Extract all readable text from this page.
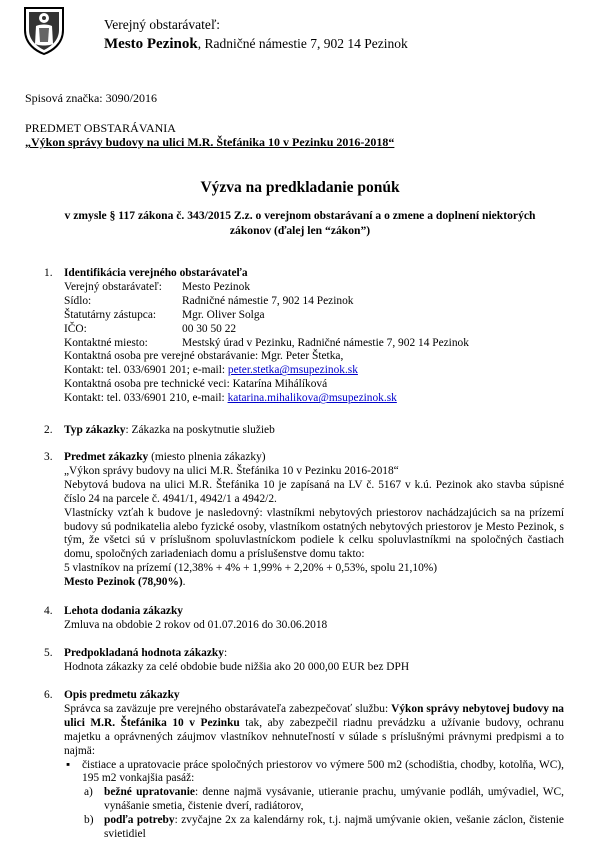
Verejný obstarávateľ:
Mesto Pezinok, Radničné námestie 7, 902 14 Pezinok
Spisová značka: 3090/2016
PREDMET OBSTARÁVANIA
„Výkon správy budovy na ulici M.R. Štefánika 10 v Pezinku 2016-2018“
Výzva na predkladanie ponúk
v zmysle § 117 zákona č. 343/2015 Z.z. o verejnom obstarávaní a o zmene a doplnení niektorých zákonov (ďalej len “zákon”)
1.	Identifikácia verejného obstarávateľa
Verejný obstarávateľ:	Mesto Pezinok
Sídlo:	Radničné námestie 7, 902 14 Pezinok
Štatutárny zástupca:	Mgr. Oliver Solga
IČO:	00 30 50 22
Kontaktné miesto:	Mestský úrad v Pezinku, Radničné námestie 7, 902 14 Pezinok
Kontaktná osoba pre verejné obstarávanie: Mgr. Peter Štetka,
Kontakt: tel. 033/6901 201; e-mail: peter.stetka@msupezinok.sk
Kontaktná osoba pre technické veci: Katarína Mihálíková
Kontakt: tel. 033/6901 210, e-mail: katarina.mihalikova@msupezinok.sk
2.	Typ zákazky: Zákazka na poskytnutie služieb
3.	Predmet zákazky (miesto plnenia zákazky)
„Výkon správy budovy na ulici M.R. Štefánika 10 v Pezinku 2016-2018“
Nebytová budova na ulici M.R. Štefánika 10 je zapísaná na LV č. 5167 v k.ú. Pezinok ako stavba súpisné číslo 24 na parcele č. 4941/1, 4942/1 a 4942/2.
Vlastnícky vzťah k budove je nasledovný: vlastníkmi nebytových priestorov nachádzajúcich sa na prízemí budovy sú podnikatelia alebo fyzické osoby, vlastníkom ostatných nebytových priestorov je Mesto Pezinok, s tým, že všetci sú v príslušnom spoluvlastníckom podiele k celku spoluvlastníkmi na spoločných častiach domu, spoločných zariadeniach domu a príslušenstve domu takto:
5 vlastníkov na prízemí (12,38% + 4% + 1,99% + 2,20% + 0,53%, spolu 21,10%)
Mesto Pezinok (78,90%).
4.	Lehota dodania zákazky
Zmluva na obdobie 2 rokov od 01.07.2016 do 30.06.2018
5.	Predpokladaná hodnota zákazky:
Hodnota zákazky za celé obdobie bude nižšia ako 20 000,00 EUR bez DPH
6.	Opis predmetu zákazky
Správca sa zaväzuje pre verejného obstarávateľa zabezpečovať službu: Výkon správy nebytovej budovy na ulici M.R. Štefánika 10 v Pezinku tak, aby zabezpečil riadnu prevádzku a užívanie budovy, ochranu majetku a oprávnených záujmov vlastníkov nehnuteľností v súlade s príslušnými právnymi predpismi a to najmä:
▪ čistiace a upratovacie práce spoločných priestorov vo výmere 500 m2 (schodištia, chodby, kotolňa, WC), 195 m2 vonkajšia pasáž:
a) bežné upratovanie: denne najmä vysávanie, utieranie prachu, umývanie podláh, umývadiel, WC, vynášanie smetia, čistenie dverí, radiátorov,
b) podľa potreby: zvyčajne 2x za kalendárny rok, t.j. najmä umývanie okien, vešanie záclon, čistenie svietidiel
